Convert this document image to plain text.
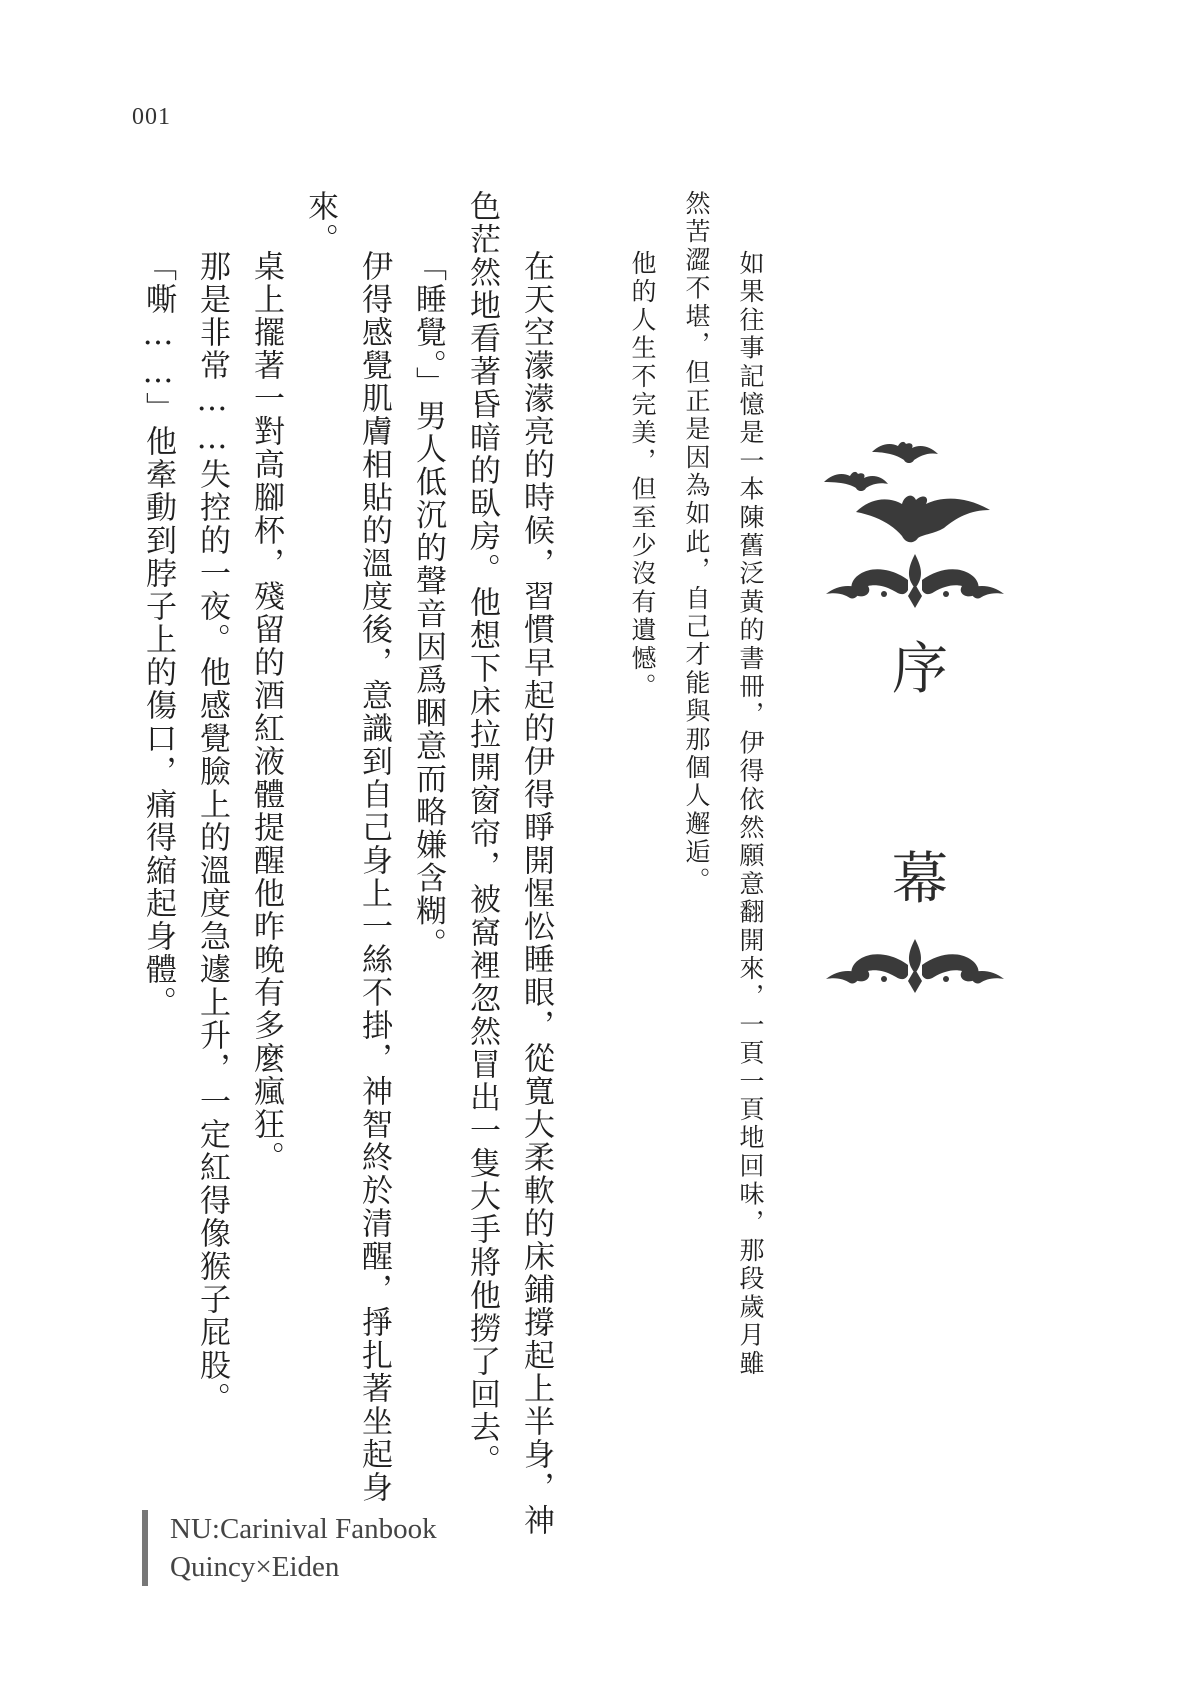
001
如果往事記憶是一本陳舊泛黃的書冊，伊得依然願意翻開來，一頁一頁地回味，那段歲月雖
然苦澀不堪，但正是因為如此，自己才能與那個人邂逅。
他的人生不完美，但至少沒有遺憾。	序
幕
在天空濛濛亮的時候，習慣早起的伊得睜開惺忪睡眼，從寬大柔軟的床鋪撐起上半身，神
色茫然地看著昏暗的臥房。他想下床拉開窗帘，被窩裡忽然冒出一隻大手將他撈了回去。
「睡覺。」男人低沉的聲音因爲睏意而略嫌含糊。
伊得感覺肌膚相貼的溫度後，意識到自己身上一絲不掛，神智終於清醒，掙扎著坐起身
來。
桌上擺著一對高腳杯，殘留的酒紅液體提醒他昨晚有多麼瘋狂。
那是非常……失控的一夜。他感覺臉上的溫度急遽上升，一定紅得像猴子屁股。
「嘶……」他牽動到脖子上的傷口，痛得縮起身體。
NU:Carinival Fanbook
Quincy×Eiden
